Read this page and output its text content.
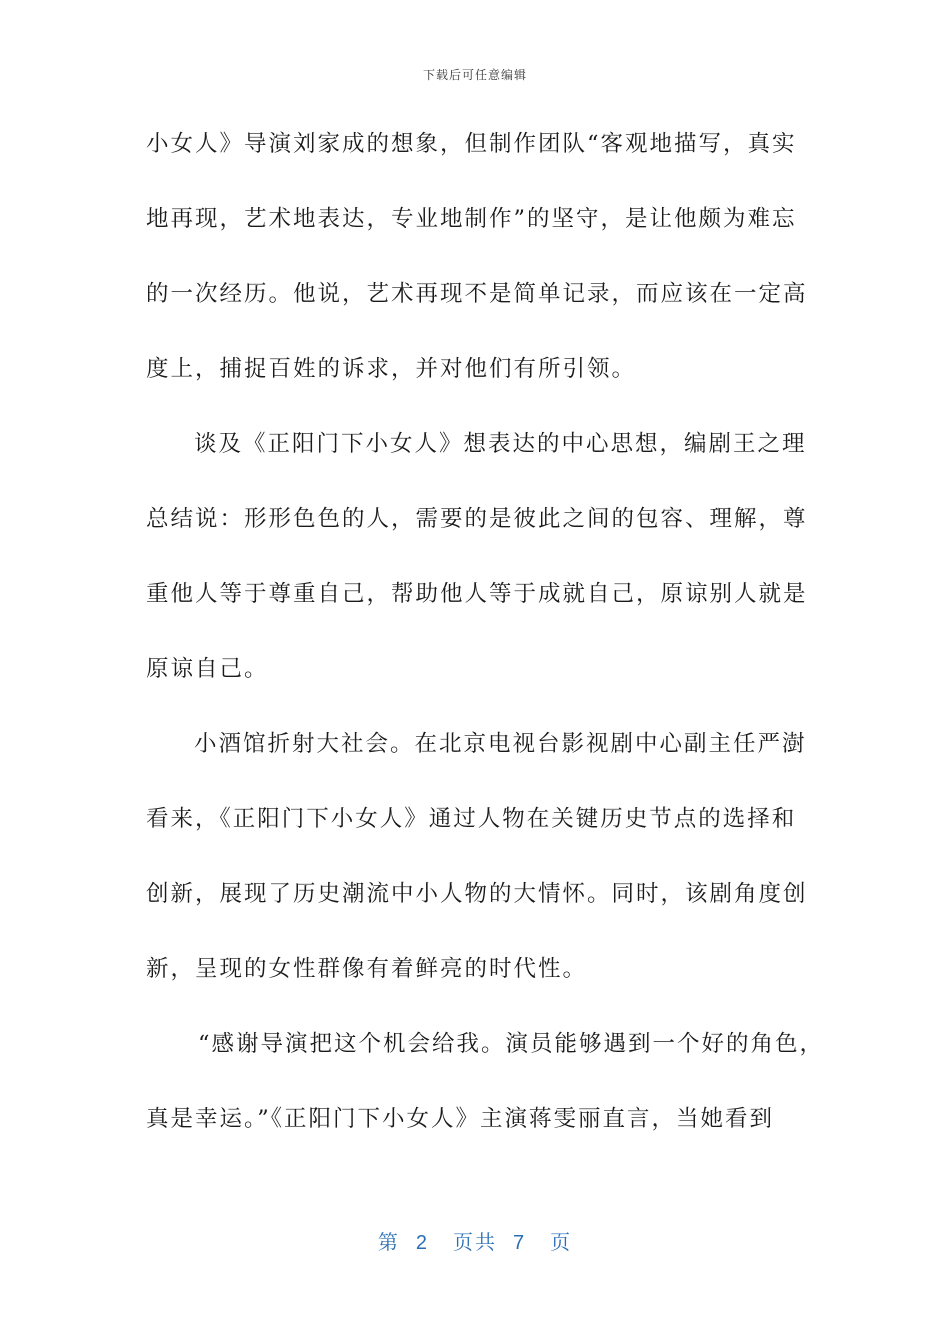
下载后可任意编辑
小女人》导演刘家成的想象，但制作团队“客观地描写，真实
地再现，艺术地表达，专业地制作”的坚守，是让他颇为难忘
的一次经历。他说，艺术再现不是简单记录，而应该在一定高
度上，捕捉百姓的诉求，并对他们有所引领。
谈及《正阳门下小女人》想表达的中心思想，编剧王之理
总结说：形形色色的人，需要的是彼此之间的包容、理解，尊
重他人等于尊重自己，帮助他人等于成就自己，原谅别人就是
原谅自己。
小酒馆折射大社会。在北京电视台影视剧中心副主任严澍
看来，《正阳门下小女人》通过人物在关键历史节点的选择和
创新，展现了历史潮流中小人物的大情怀。同时，该剧角度创
新，呈现的女性群像有着鲜亮的时代性。
“感谢导演把这个机会给我。演员能够遇到一个好的角色，
真是幸运。”《正阳门下小女人》主演蒋雯丽直言，当她看到
第 2 页共 7 页
